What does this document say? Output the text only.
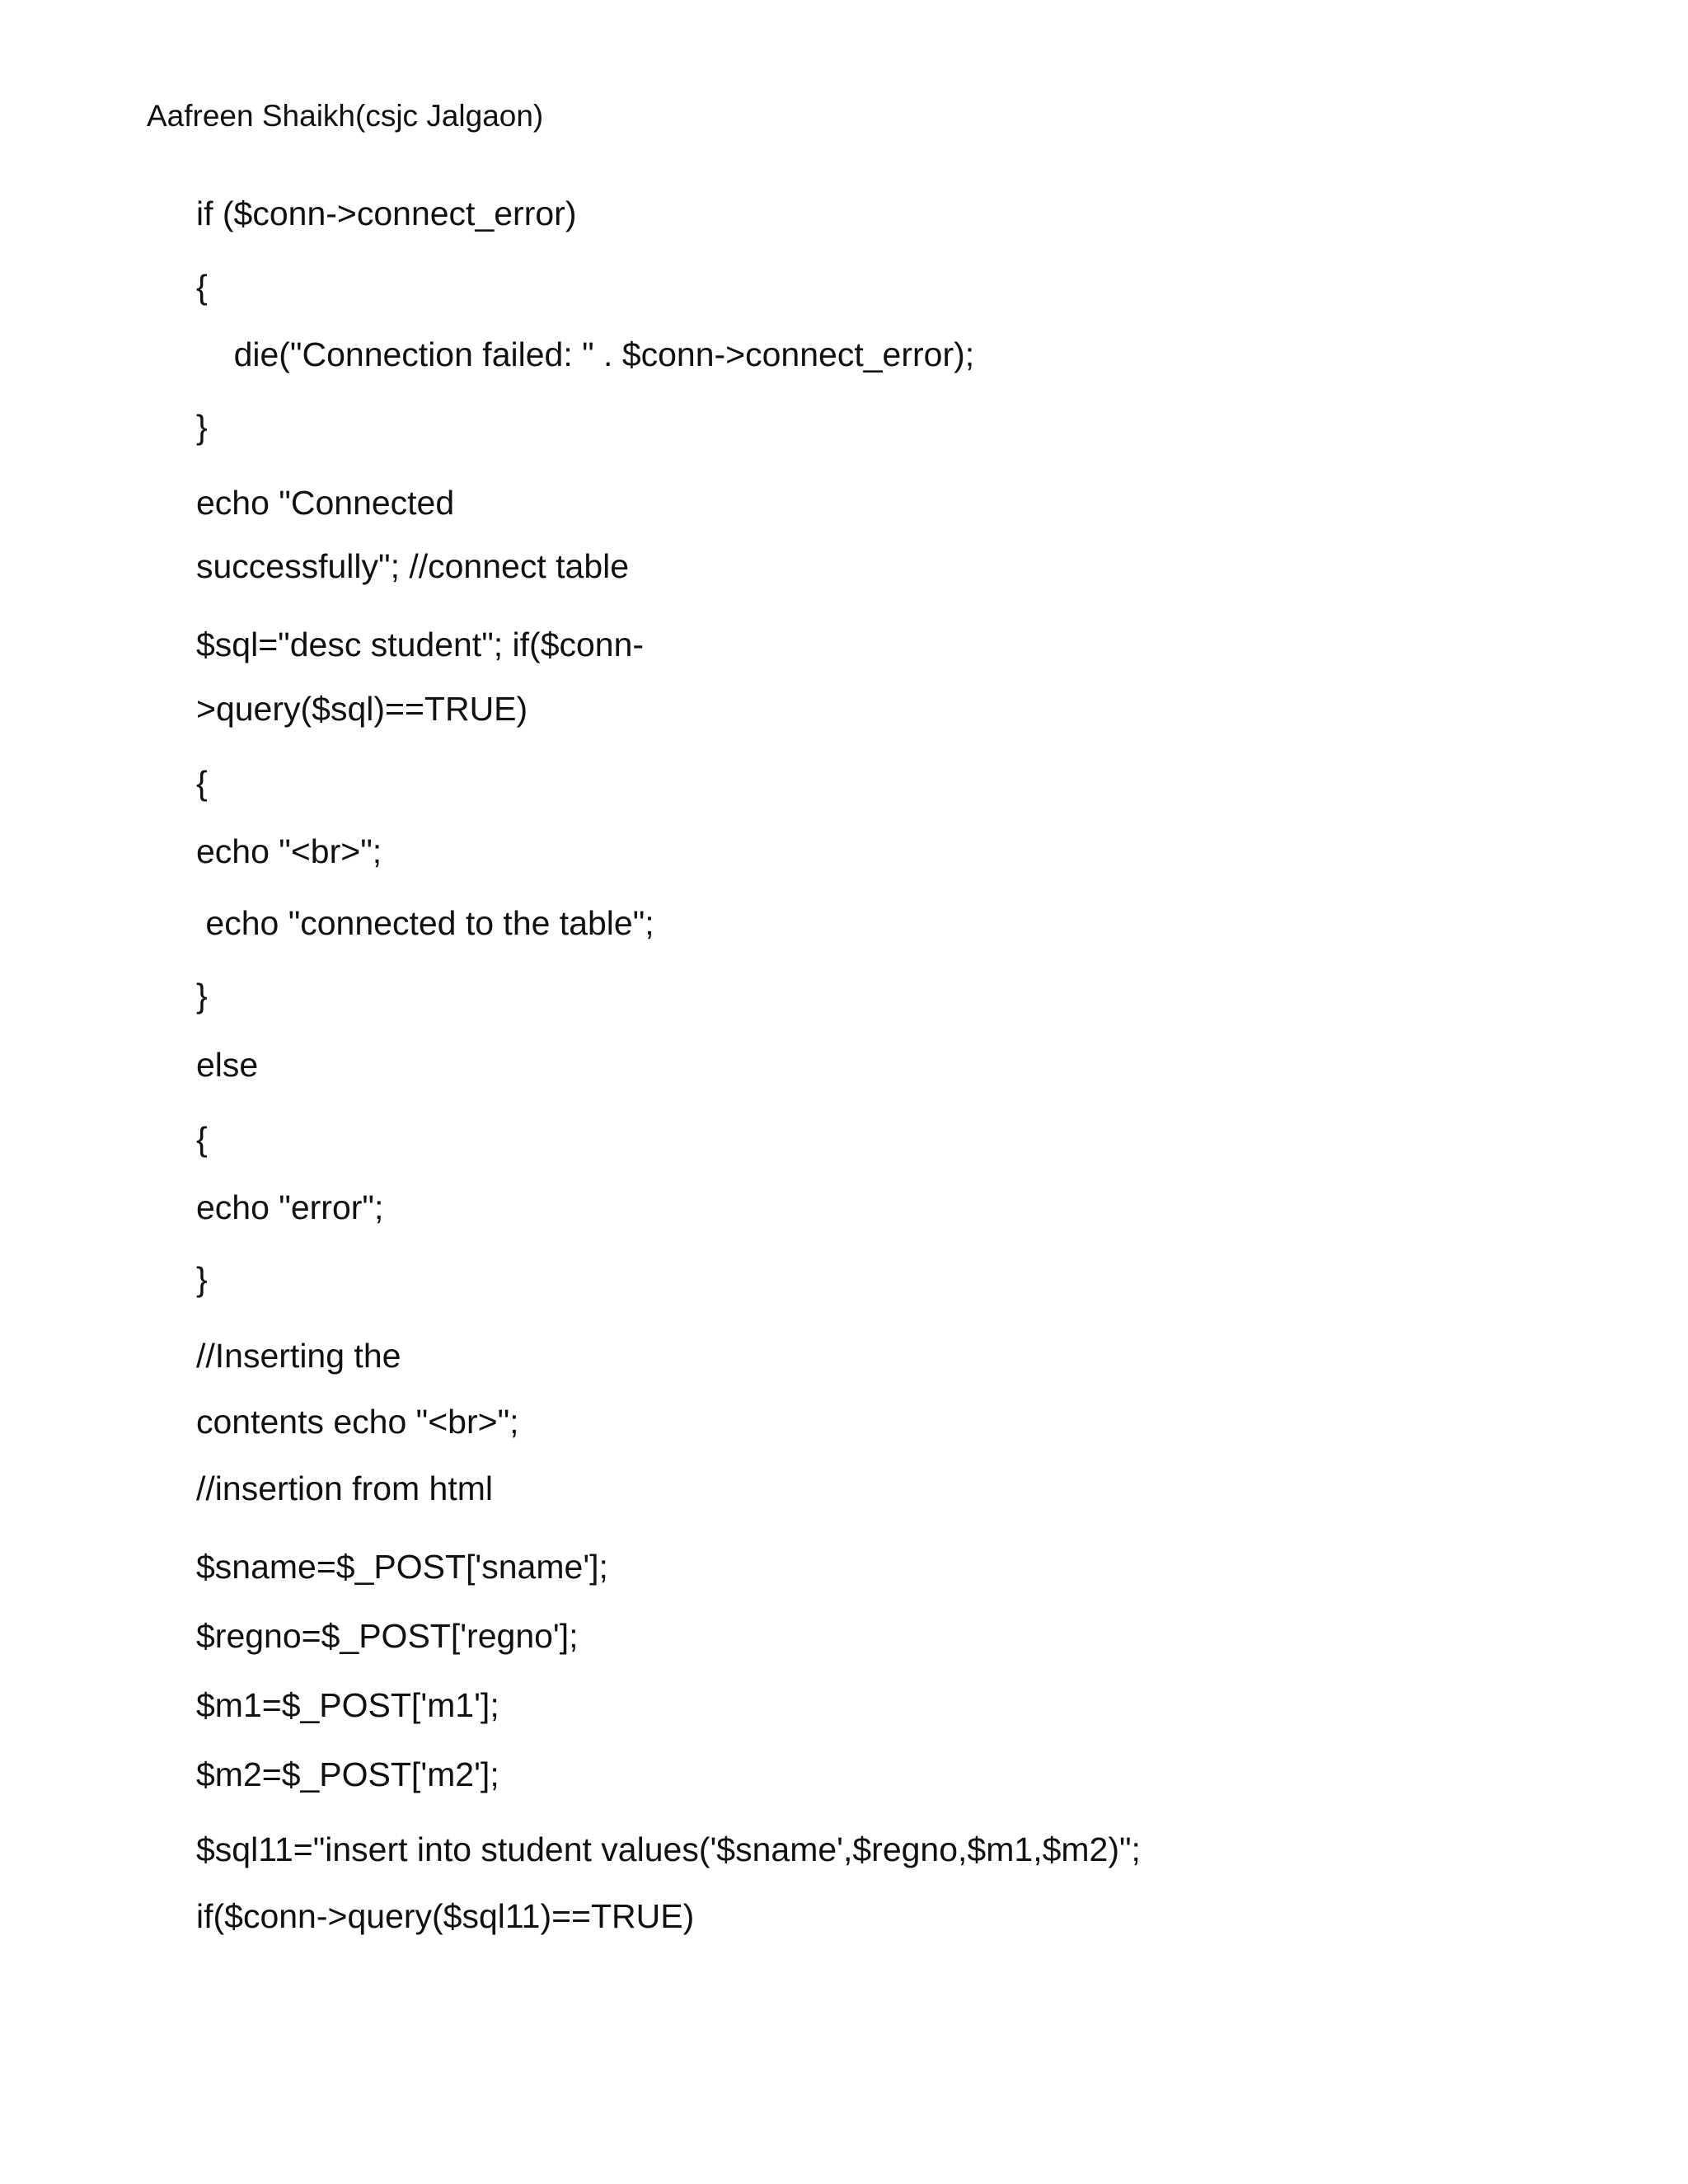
Aafreen Shaikh(csjc Jalgaon)
if ($conn->connect_error)
{
die("Connection failed: " . $conn->connect_error);
}
echo "Connected
successfully"; //connect table
$sql="desc student"; if($conn-
>query($sql)==TRUE)
{
echo "<br>";
echo "connected to the table";
}
else
{
echo "error";
}
//Inserting the
contents echo "<br>";
//insertion from html
$sname=$_POST['sname'];
$regno=$_POST['regno'];
$m1=$_POST['m1'];
$m2=$_POST['m2'];
$sql11="insert into student values('$sname',$regno,$m1,$m2)";
if($conn->query($sql11)==TRUE)
